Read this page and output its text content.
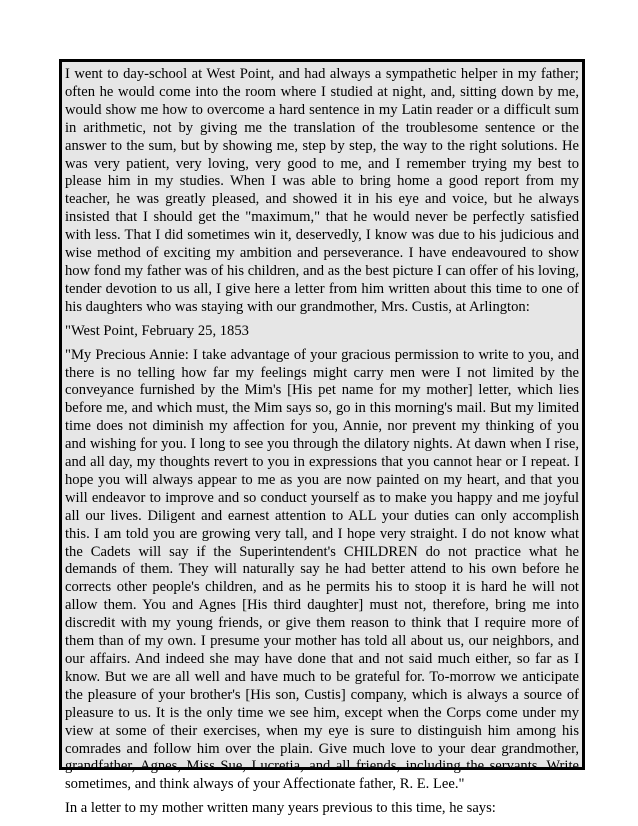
I went to day-school at West Point, and had always a sympathetic helper in my father; often he would come into the room where I studied at night, and, sitting down by me, would show me how to overcome a hard sentence in my Latin reader or a difficult sum in arithmetic, not by giving me the translation of the troublesome sentence or the answer to the sum, but by showing me, step by step, the way to the right solutions. He was very patient, very loving, very good to me, and I remember trying my best to please him in my studies. When I was able to bring home a good report from my teacher, he was greatly pleased, and showed it in his eye and voice, but he always insisted that I should get the "maximum," that he would never be perfectly satisfied with less. That I did sometimes win it, deservedly, I know was due to his judicious and wise method of exciting my ambition and perseverance. I have endeavoured to show how fond my father was of his children, and as the best picture I can offer of his loving, tender devotion to us all, I give here a letter from him written about this time to one of his daughters who was staying with our grandmother, Mrs. Custis, at Arlington:

"West Point, February 25, 1853

"My Precious Annie: I take advantage of your gracious permission to write to you, and there is no telling how far my feelings might carry men were I not limited by the conveyance furnished by the Mim's [His pet name for my mother] letter, which lies before me, and which must, the Mim says so, go in this morning's mail. But my limited time does not diminish my affection for you, Annie, nor prevent my thinking of you and wishing for you. I long to see you through the dilatory nights. At dawn when I rise, and all day, my thoughts revert to you in expressions that you cannot hear or I repeat. I hope you will always appear to me as you are now painted on my heart, and that you will endeavor to improve and so conduct yourself as to make you happy and me joyful all our lives. Diligent and earnest attention to ALL your duties can only accomplish this. I am told you are growing very tall, and I hope very straight. I do not know what the Cadets will say if the Superintendent's CHILDREN do not practice what he demands of them. They will naturally say he had better attend to his own before he corrects other people's children, and as he permits his to stoop it is hard he will not allow them. You and Agnes [His third daughter] must not, therefore, bring me into discredit with my young friends, or give them reason to think that I require more of them than of my own. I presume your mother has told all about us, our neighbors, and our affairs. And indeed she may have done that and not said much either, so far as I know. But we are all well and have much to be grateful for. To-morrow we anticipate the pleasure of your brother's [His son, Custis] company, which is always a source of pleasure to us. It is the only time we see him, except when the Corps come under my view at some of their exercises, when my eye is sure to distinguish him among his comrades and follow him over the plain. Give much love to your dear grandmother, grandfather, Agnes, Miss Sue, Lucretia, and all friends, including the servants. Write sometimes, and think always of your Affectionate father, R. E. Lee."

In a letter to my mother written many years previous to this time, he says:
